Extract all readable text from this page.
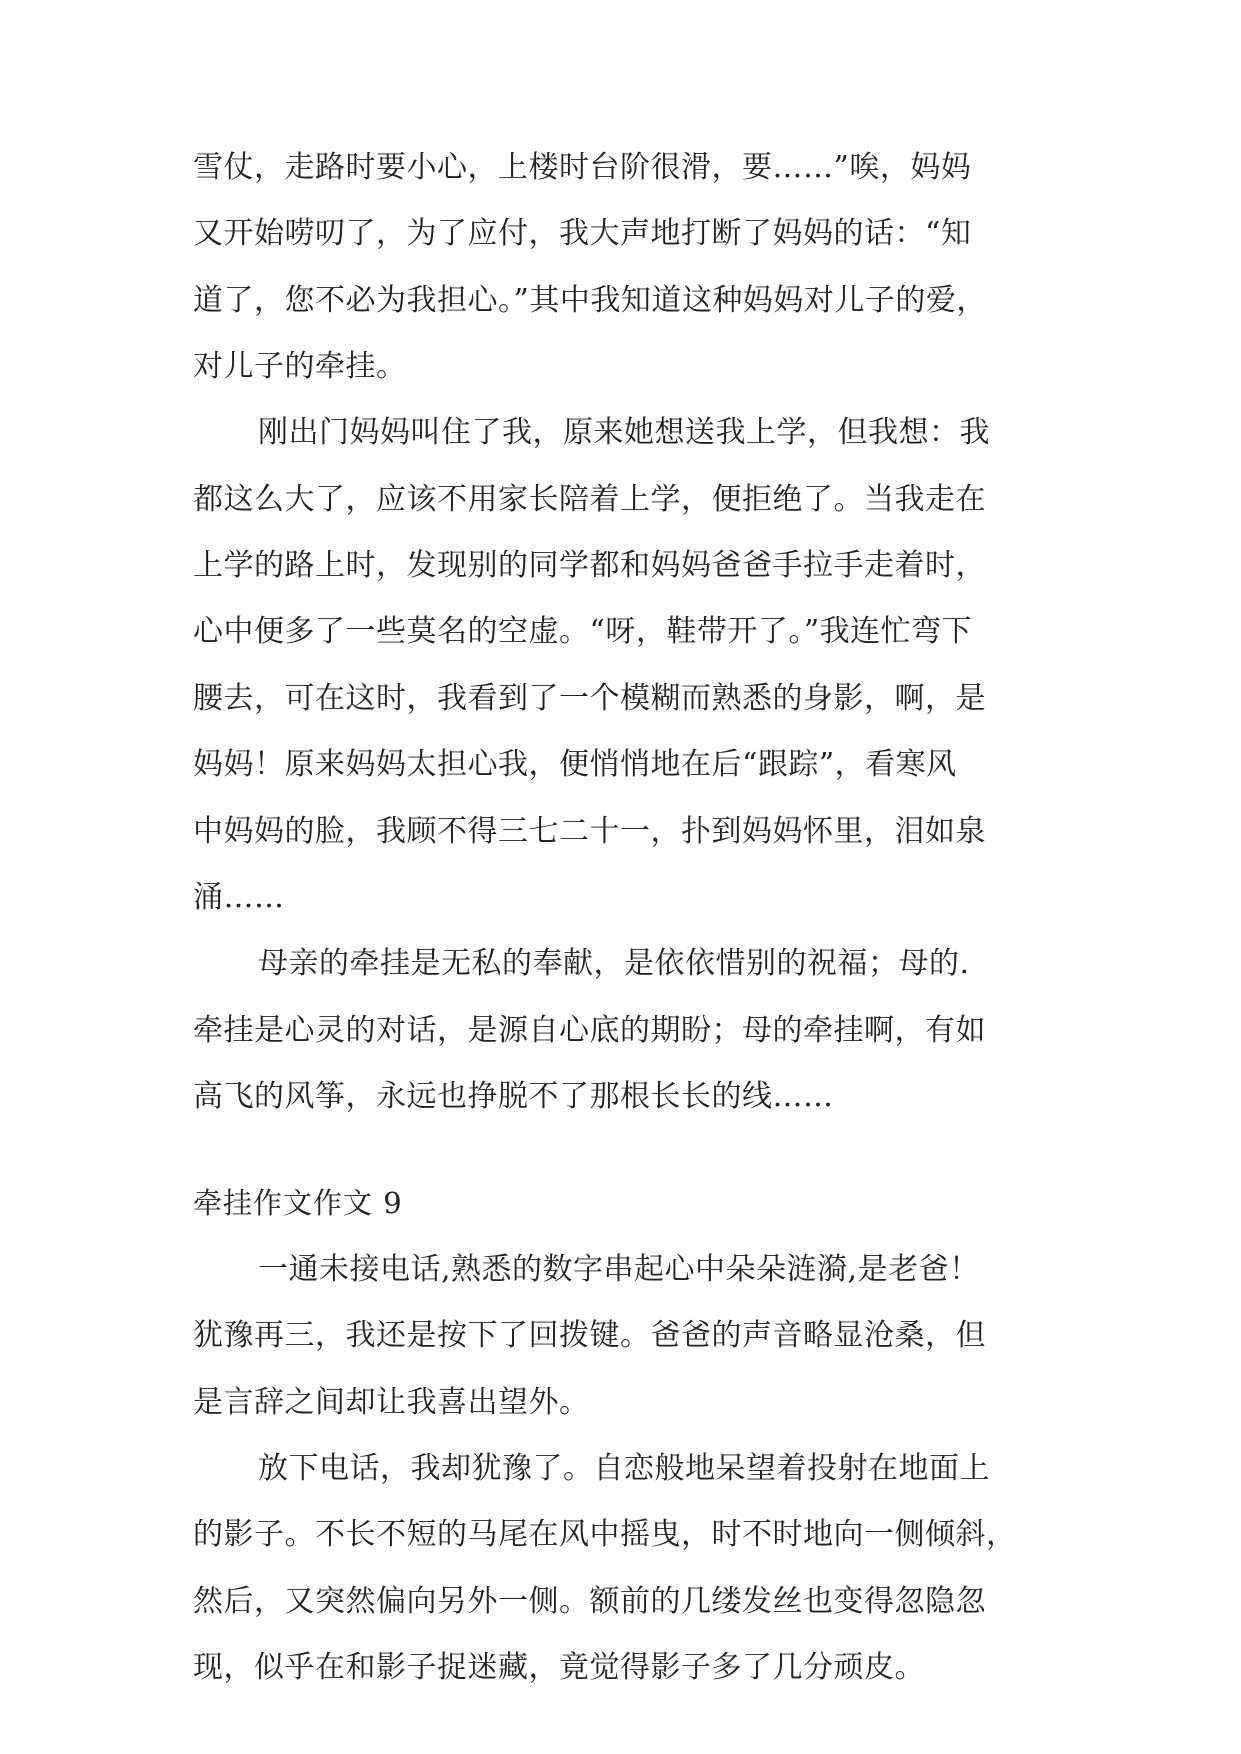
雪仗，走路时要小心，上楼时台阶很滑，要……”唉，妈妈
又开始唠叨了，为了应付，我大声地打断了妈妈的话：“知
道了，您不必为我担心。”其中我知道这种妈妈对儿子的爱，
对儿子的牵挂。
刚出门妈妈叫住了我，原来她想送我上学，但我想：我
都这么大了，应该不用家长陪着上学，便拒绝了。当我走在
上学的路上时，发现别的同学都和妈妈爸爸手拉手走着时，
心中便多了一些莫名的空虚。“呀，鞋带开了。”我连忙弯下
腰去，可在这时，我看到了一个模糊而熟悉的身影，啊，是
妈妈！原来妈妈太担心我，便悄悄地在后“跟踪”，看寒风
中妈妈的脸，我顾不得三七二十一，扑到妈妈怀里，泪如泉
涌……
母亲的牵挂是无私的奉献，是依依惜别的祝福；母的.
牵挂是心灵的对话，是源自心底的期盼；母的牵挂啊，有如
高飞的风筝，永远也挣脱不了那根长长的线……
牵挂作文作文 9
一通未接电话,熟悉的数字串起心中朵朵涟漪,是老爸！
犹豫再三，我还是按下了回拨键。爸爸的声音略显沧桑，但
是言辞之间却让我喜出望外。
放下电话，我却犹豫了。自恋般地呆望着投射在地面上
的影子。不长不短的马尾在风中摇曳，时不时地向一侧倾斜，
然后，又突然偏向另外一侧。额前的几缕发丝也变得忽隐忽
现，似乎在和影子捉迷藏，竟觉得影子多了几分顽皮。
